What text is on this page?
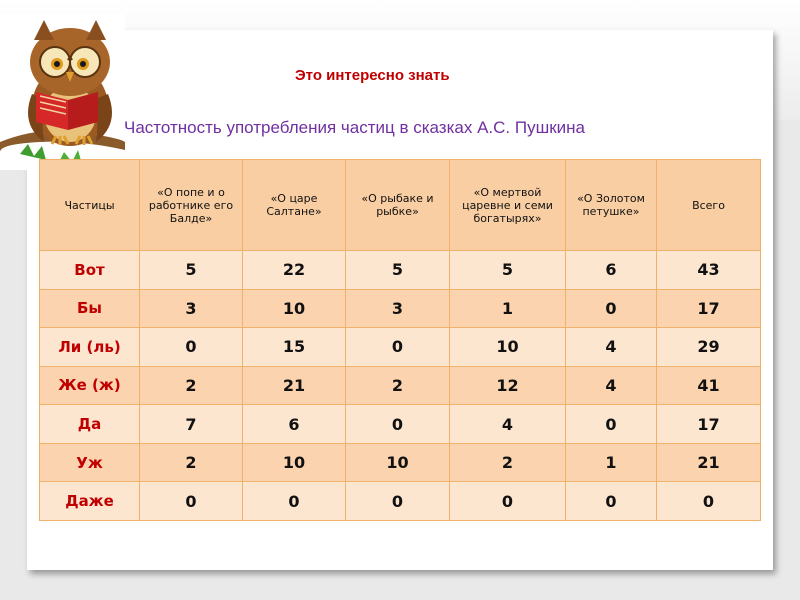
Это интересно знать
Частотность употребления частиц в сказках А.С. Пушкина
Частицы	«О попе и о работнике его Балде»	«О царе Салтане»	«О рыбаке и рыбке»	«О мертвой царевне и семи богатырях»	«О Золотом петушке»	Всего
Вот	5	22	5	5	6	43
Бы	3	10	3	1	0	17
Ли (ль)	0	15	0	10	4	29
Же (ж)	2	21	2	12	4	41
Да	7	6	0	4	0	17
Уж	2	10	10	2	1	21
Даже	0	0	0	0	0	0
